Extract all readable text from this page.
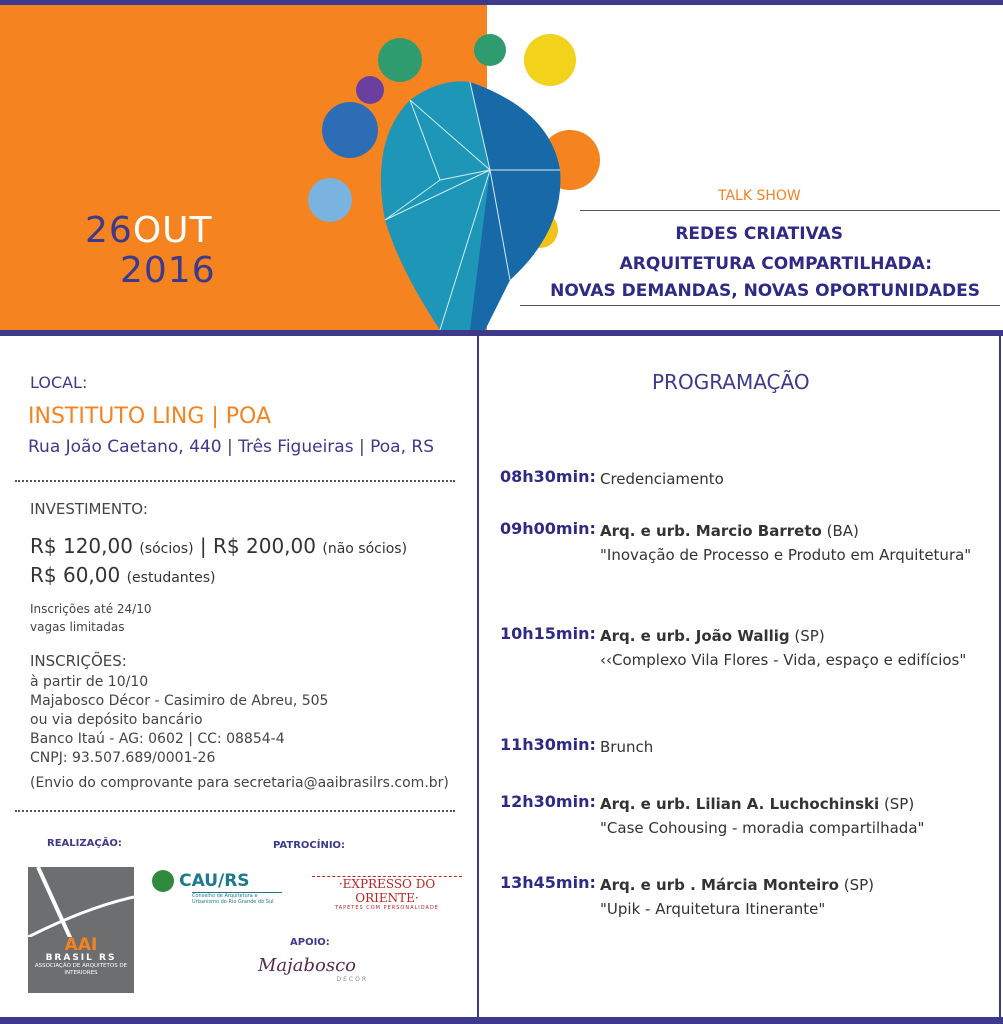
26OUT
2016
TALK SHOW
REDES CRIATIVAS
ARQUITETURA COMPARTILHADA:
NOVAS DEMANDAS, NOVAS OPORTUNIDADES
LOCAL:
INSTITUTO LING | POA
Rua João Caetano, 440 | Três Figueiras | Poa, RS
INVESTIMENTO:
R$ 120,00 (sócios) | R$ 200,00 (não sócios)
R$ 60,00 (estudantes)
Inscrições até 24/10
vagas limitadas
INSCRIÇÕES:
à partir de 10/10
Majabosco Décor - Casimiro de Abreu, 505
ou via depósito bancário
Banco Itaú - AG: 0602 | CC: 08854-4
CNPJ: 93.507.689/0001-26
(Envio do comprovante para secretaria@aaibrasilrs.com.br)
REALIZAÇÃO:	PATROCÍNIO:
APOIO:
AAI
BRASIL RS
ASSOCIAÇÃO DE ARQUITETOS DE INTERIORES
CAU/RS
Conselho de Arquitetura e Urbanismo do Rio Grande do Sul
·EXPRESSO DO ORIENTE·
TAPETES COM PERSONALIDADE
Majabosco
DECOR
PROGRAMAÇÃO
08h30min: Credenciamento
09h00min: Arq. e urb. Marcio Barreto (BA)
"Inovação de Processo e Produto em Arquitetura"
10h15min: Arq. e urb. João Wallig (SP)
‹‹Complexo Vila Flores - Vida, espaço e edifícios"
11h30min: Brunch
12h30min: Arq. e urb. Lilian A. Luchochinski (SP)
"Case Cohousing - moradia compartilhada"
13h45min: Arq. e urb . Márcia Monteiro (SP)
"Upik - Arquitetura Itinerante"
